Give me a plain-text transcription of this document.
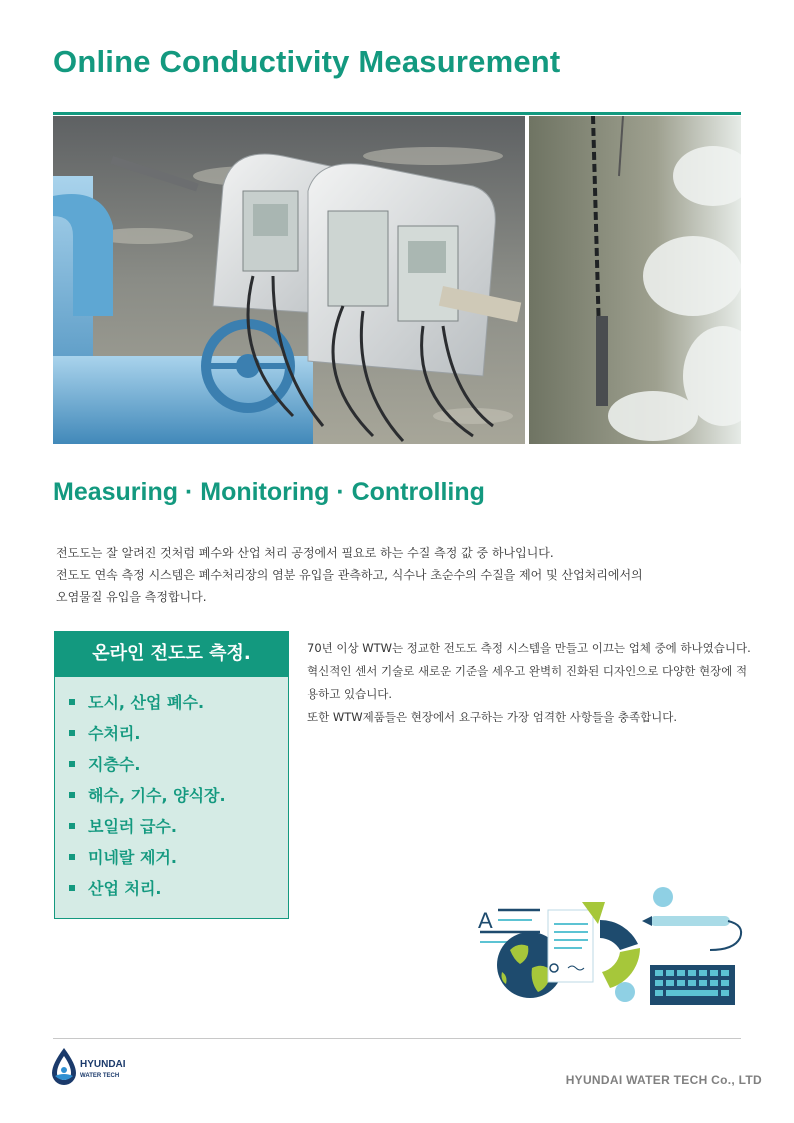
Online Conductivity Measurement
Measuring · Monitoring · Controlling

전도도는 잘 알려진 것처럼 폐수와 산업 처리 공정에서 필요로 하는 수질 측정 값 중 하나입니다.

전도도 연속 측정 시스템은 폐수처리장의 염분 유입을 관측하고, 식수나 초순수의 수질을 제어 및 산업처리에서의

오염물질 유입을 측정합니다.

온라인 전도도 측정.
도시, 산업 폐수.
수처리.
지층수.
해수, 기수, 양식장.
보일러 급수.
미네랄 제거.
산업 처리.

70년 이상 WTW는 정교한 전도도 측정 시스템을 만들고 이끄는 업체 중에 하나였습니다.

혁신적인 센서 기술로 새로운 기준을 세우고 완벽히 진화된 디자인으로 다양한 현장에 적용하고 있습니다.

또한 WTW제품들은 현장에서 요구하는 가장 엄격한 사항들을 충족합니다.

A
HYUNDAI
WATER TECH	HYUNDAI WATER TECH Co., LTD
